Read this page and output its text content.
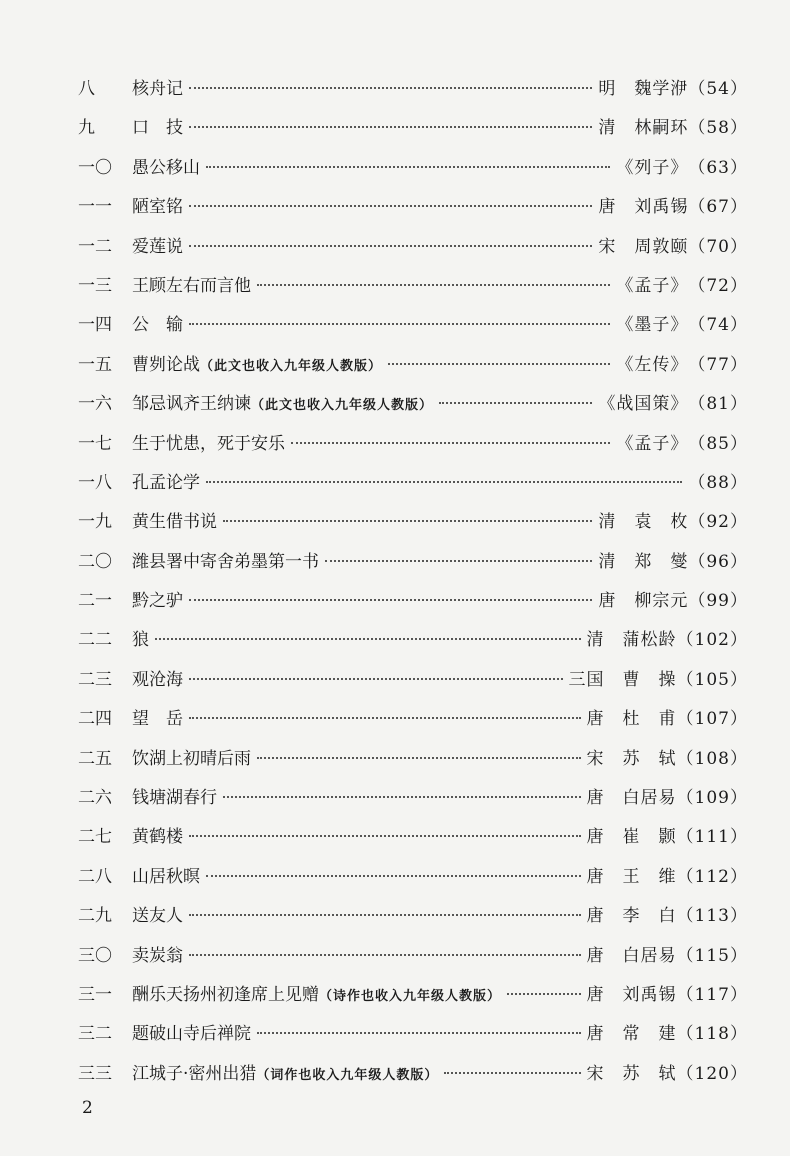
八	核舟记	明　魏学洢 （54）
九	口　技	清　林嗣环 （58）
一〇	愚公移山	《列子》 （63）
一一	陋室铭	唐　刘禹锡 （67）
一二	爱莲说	宋　周敦颐 （70）
一三	王顾左右而言他	《孟子》 （72）
一四	公　输	《墨子》 （74）
一五	曹刿论战 （此文也收入九年级人教版）	《左传》 （77）
一六	邹忌讽齐王纳谏 （此文也收入九年级人教版）	《战国策》 （81）
一七	生于忧患，死于安乐	《孟子》 （85）
一八	孔孟论学	（88）
一九	黄生借书说	清　袁　枚 （92）
二〇	潍县署中寄舍弟墨第一书	清　郑　燮 （96）
二一	黔之驴	唐　柳宗元 （99）
二二	狼	清　蒲松龄 （102）
二三	观沧海	三国　曹　操 （105）
二四	望　岳	唐　杜　甫 （107）
二五	饮湖上初晴后雨	宋　苏　轼 （108）
二六	钱塘湖春行	唐　白居易 （109）
二七	黄鹤楼	唐　崔　颢 （111）
二八	山居秋暝	唐　王　维 （112）
二九	送友人	唐　李　白 （113）
三〇	卖炭翁	唐　白居易 （115）
三一	酬乐天扬州初逢席上见赠 （诗作也收入九年级人教版）	唐　刘禹锡 （117）
三二	题破山寺后禅院	唐　常　建 （118）
三三	江城子·密州出猎 （词作也收入九年级人教版）	宋　苏　轼 （120）
2
